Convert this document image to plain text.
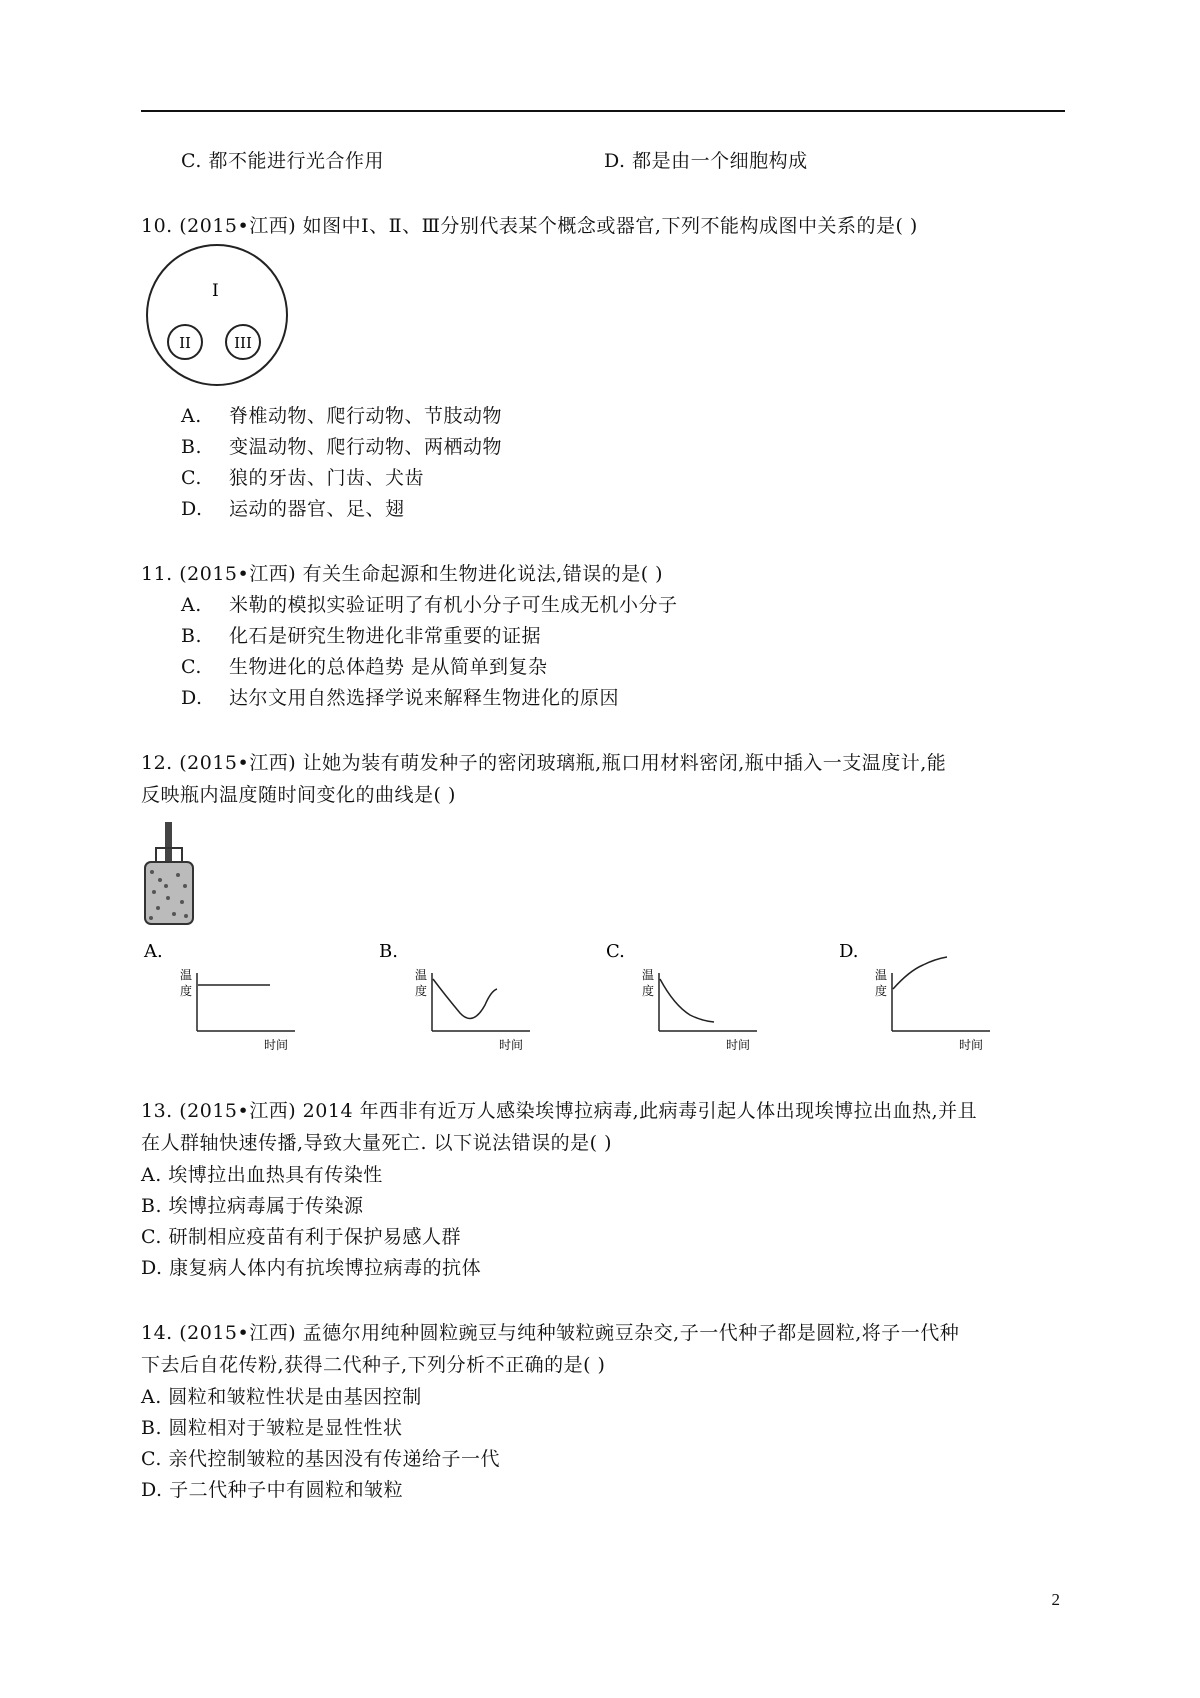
C. 都不能进行光合作用	D. 都是由一个细胞构成
10. (2015•江西) 如图中Ⅰ、Ⅱ、Ⅲ分别代表某个概念或器官,下列不能构成图中关系的是( )
I
II	III
A. 脊椎动物、爬行动物、节肢动物
B. 变温动物、爬行动物、两栖动物
C. 狼的牙齿、门齿、犬齿
D. 运动的器官、足、翅
11. (2015•江西) 有关生命起源和生物进化说法,错误的是( )
A. 米勒的模拟实验证明了有机小分子可生成无机小分子
B. 化石是研究生物进化非常重要的证据
C. 生物进化的总体趋势 是从简单到复杂
D. 达尔文用自然选择学说来解释生物进化的原因
12. (2015•江西) 让她为装有萌发种子的密闭玻璃瓶,瓶口用材料密闭,瓶中插入一支温度计,能
反映瓶内温度随时间变化的曲线是( )
A.
温
度
时间
B.
温
度
时间
C.
温
度
时间
D.
温
度
时间
13. (2015•江西) 2014 年西非有近万人感染埃博拉病毒,此病毒引起人体出现埃博拉出血热,并且
在人群轴快速传播,导致大量死亡. 以下说法错误的是( )
A. 埃博拉出血热具有传染性
B. 埃博拉病毒属于传染源
C. 研制相应疫苗有利于保护易感人群
D. 康复病人体内有抗埃博拉病毒的抗体
14. (2015•江西) 孟德尔用纯种圆粒豌豆与纯种皱粒豌豆杂交,子一代种子都是圆粒,将子一代种
下去后自花传粉,获得二代种子,下列分析不正确的是( )
A. 圆粒和皱粒性状是由基因控制
B. 圆粒相对于皱粒是显性性状
C. 亲代控制皱粒的基因没有传递给子一代
D. 子二代种子中有圆粒和皱粒
2
